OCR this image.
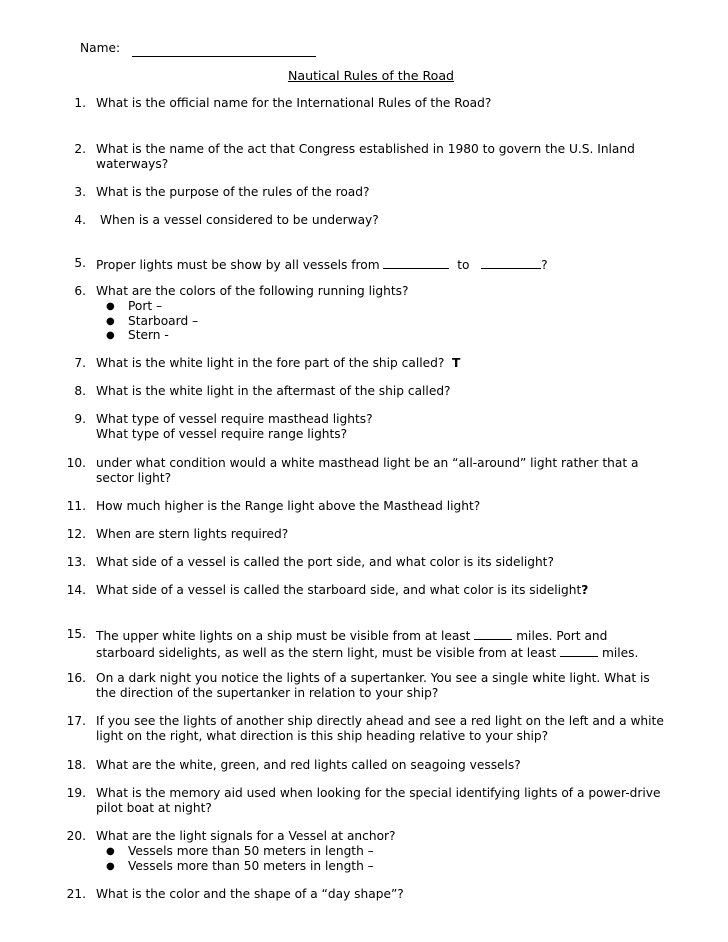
Name:
Nautical Rules of the Road
1. What is the official name for the International Rules of the Road?
2. What is the name of the act that Congress established in 1980 to govern the U.S. Inland
waterways?
3. What is the purpose of the rules of the road?
4. When is a vessel considered to be underway?
5. Proper lights must be show by all vessels from	to	?
6. What are the colors of the following running lights?
● Port –
● Starboard –
● Stern -
7. What is the white light in the fore part of the ship called? T
8. What is the white light in the aftermast of the ship called?
9. What type of vessel require masthead lights?
What type of vessel require range lights?
10. under what condition would a white masthead light be an “all-around” light rather that a
sector light?
11. How much higher is the Range light above the Masthead light?
12. When are stern lights required?
13. What side of a vessel is called the port side, and what color is its sidelight?
14. What side of a vessel is called the starboard side, and what color is its sidelight?
15. The upper white lights on a ship must be visible from at least	miles. Port and
starboard sidelights, as well as the stern light, must be visible from at least	miles.
16. On a dark night you notice the lights of a supertanker. You see a single white light. What is
the direction of the supertanker in relation to your ship?
17. If you see the lights of another ship directly ahead and see a red light on the left and a white
light on the right, what direction is this ship heading relative to your ship?
18. What are the white, green, and red lights called on seagoing vessels?
19. What is the memory aid used when looking for the special identifying lights of a power-drive
pilot boat at night?
20. What are the light signals for a Vessel at anchor?
● Vessels more than 50 meters in length –
● Vessels more than 50 meters in length –
21. What is the color and the shape of a “day shape”?
